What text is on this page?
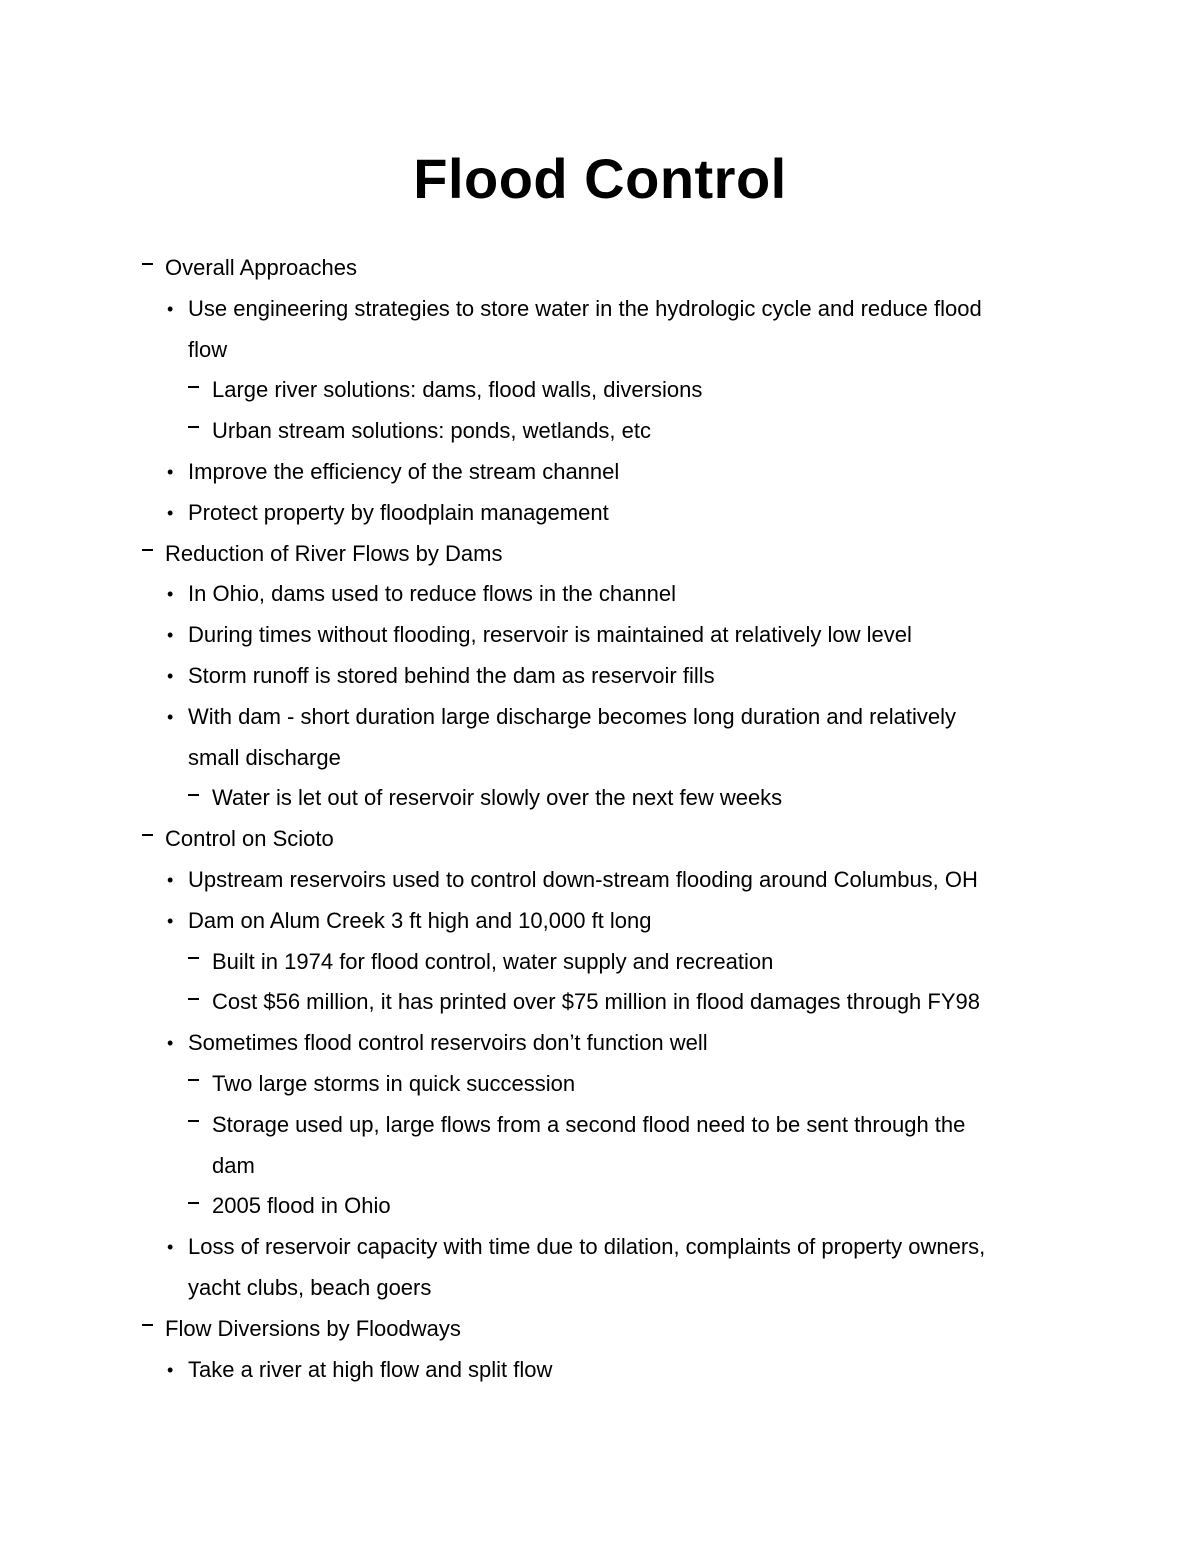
Flood Control
Overall Approaches
• Use engineering strategies to store water in the hydrologic cycle and reduce flood
flow
Large river solutions: dams, flood walls, diversions
Urban stream solutions: ponds, wetlands, etc
• Improve the efficiency of the stream channel
• Protect property by floodplain management
Reduction of River Flows by Dams
• In Ohio, dams used to reduce flows in the channel
• During times without flooding, reservoir is maintained at relatively low level
• Storm runoff is stored behind the dam as reservoir fills
• With dam - short duration large discharge becomes long duration and relatively
small discharge
Water is let out of reservoir slowly over the next few weeks
Control on Scioto
• Upstream reservoirs used to control down-stream flooding around Columbus, OH
• Dam on Alum Creek 3 ft high and 10,000 ft long
Built in 1974 for flood control, water supply and recreation
Cost $56 million, it has printed over $75 million in flood damages through FY98
• Sometimes flood control reservoirs don’t function well
Two large storms in quick succession
Storage used up, large flows from a second flood need to be sent through the
dam
2005 flood in Ohio
• Loss of reservoir capacity with time due to dilation, complaints of property owners,
yacht clubs, beach goers
Flow Diversions by Floodways
• Take a river at high flow and split flow
